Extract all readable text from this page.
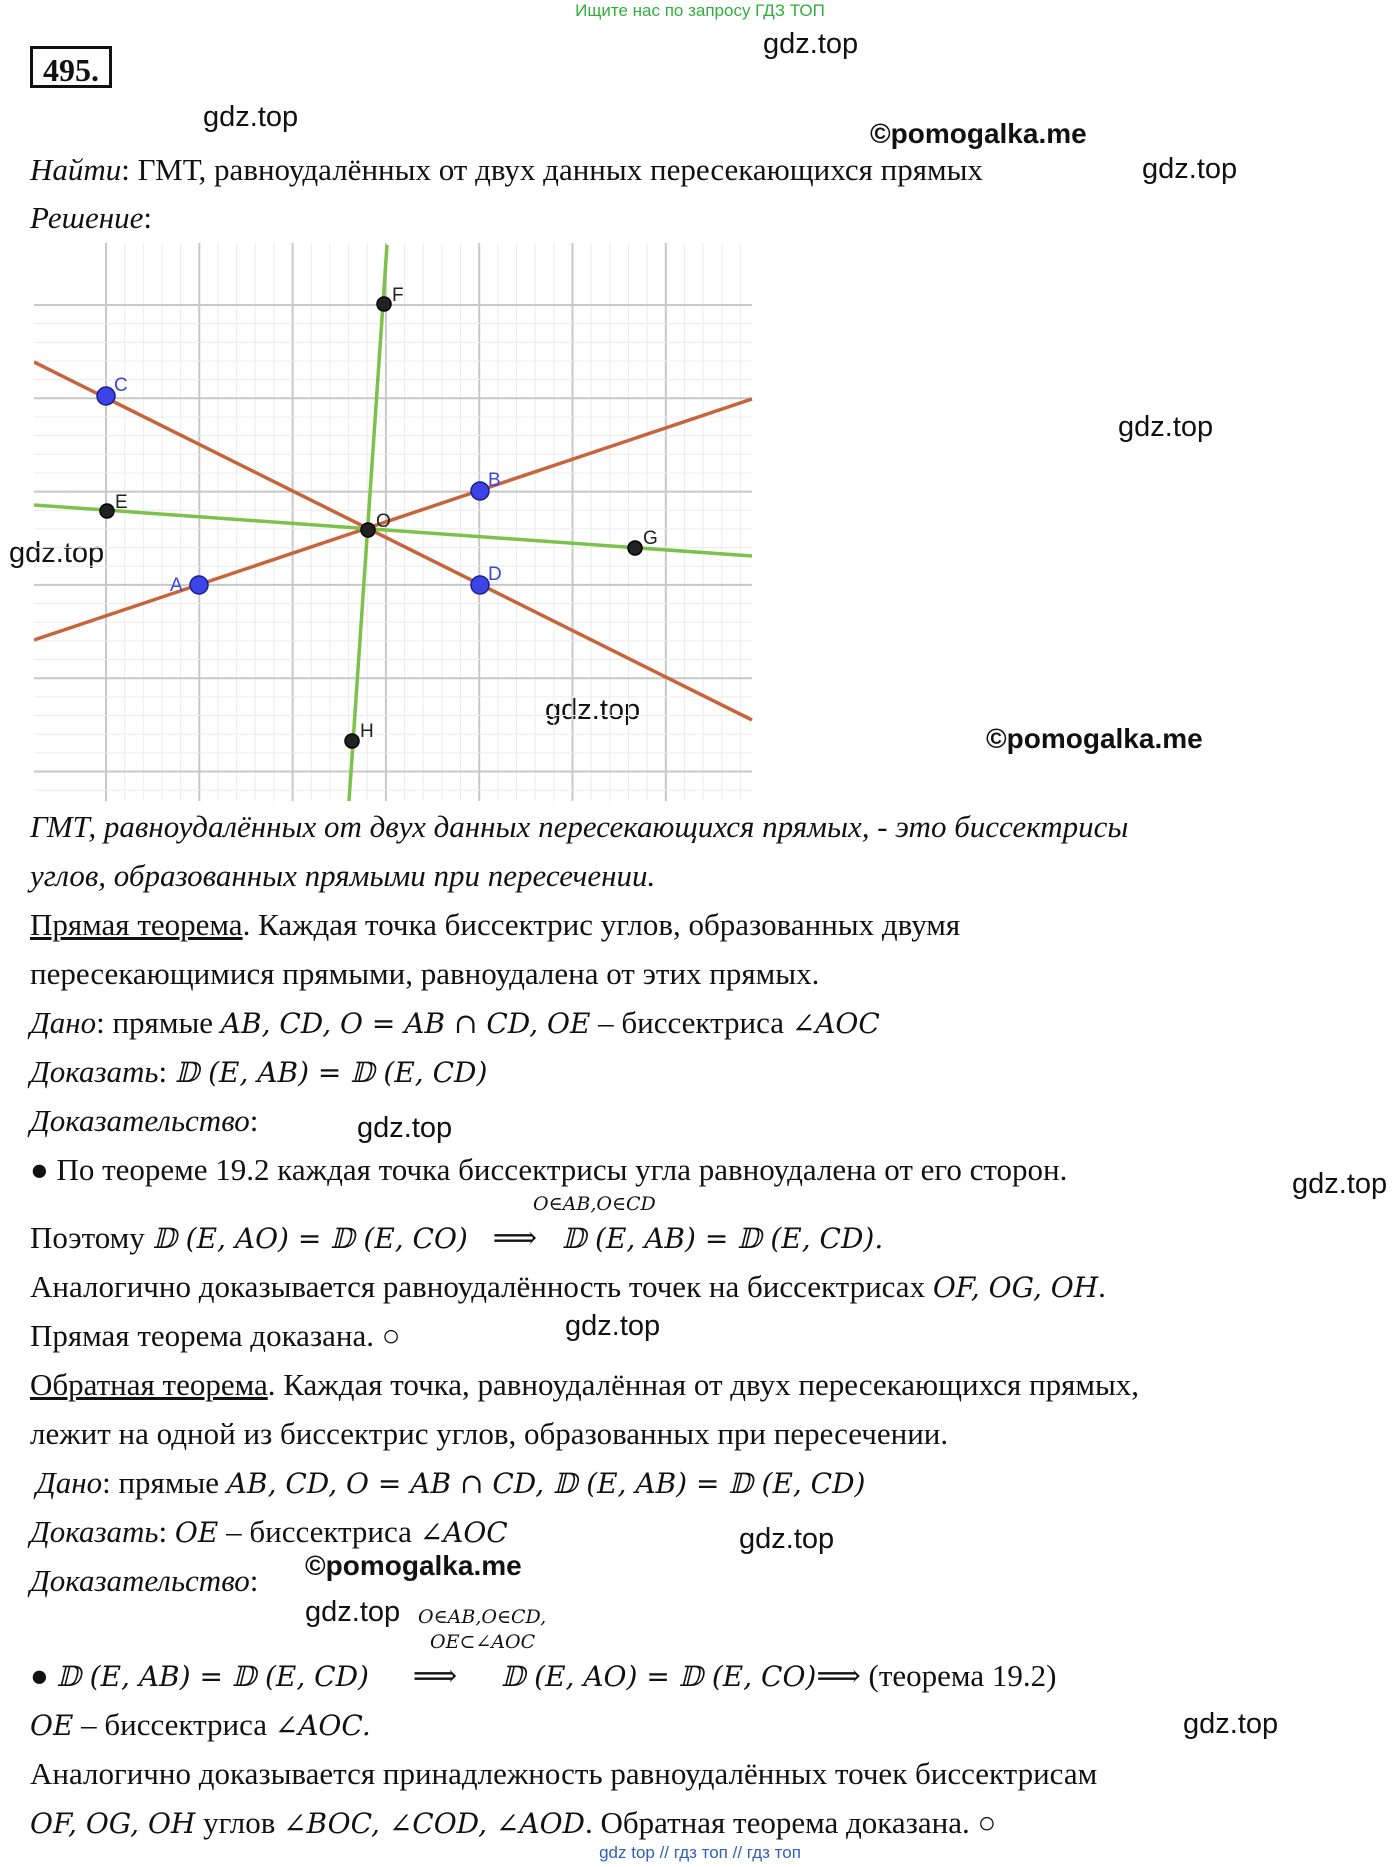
Ищите нас по запросу ГДЗ ТОП
495.
gdz.top
gdz.top
©pomogalka.me
gdz.top
gdz.top
gdz.top
gdz.top
©pomogalka.me
gdz.top
gdz.top
gdz.top
gdz.top
©pomogalka.me
gdz.top
gdz.top
Найти: ГМТ, равноудалённых от двух данных пересекающихся прямых
Решение:
C
B
A
D
E
F
G
H
O
ГМТ, равноудалённых от двух данных пересекающихся прямых, - это биссектрисы
углов, образованных прямыми при пересечении.
Прямая теорема. Каждая точка биссектрис углов, образованных двумя
пересекающимися прямыми, равноудалена от этих прямых.
Дано: прямые AB, CD, O = AB ∩ CD, OE – биссектриса ∠AOC
Доказать: 𝔻 (E, AB) = 𝔻 (E, CD)
Доказательство:
● По теореме 19.2 каждая точка биссектрисы угла равноудалена от его сторон.
O∈AB,O∈CD
Поэтому 𝔻 (E, AO) = 𝔻 (E, CO) ⟹ 𝔻 (E, AB) = 𝔻 (E, CD).
Аналогично доказывается равноудалённость точек на биссектрисах OF, OG, OH.
Прямая теорема доказана. ○
Обратная теорема. Каждая точка, равноудалённая от двух пересекающихся прямых,
лежит на одной из биссектрис углов, образованных при пересечении.
Дано: прямые AB, CD, O = AB ∩ CD, 𝔻 (E, AB) = 𝔻 (E, CD)
Доказать: OE – биссектриса ∠AOC
Доказательство:
O∈AB,O∈CD,
OE⊂∠AOC
● 𝔻 (E, AB) = 𝔻 (E, CD) ⟹ 𝔻 (E, AO) = 𝔻 (E, CO)⟹ (теорема 19.2)
OE – биссектриса ∠AOC.
Аналогично доказывается принадлежность равноудалённых точек биссектрисам
OF, OG, OH углов ∠BOC, ∠COD, ∠AOD. Обратная теорема доказана. ○
gdz top // гдз топ // гдз топ
